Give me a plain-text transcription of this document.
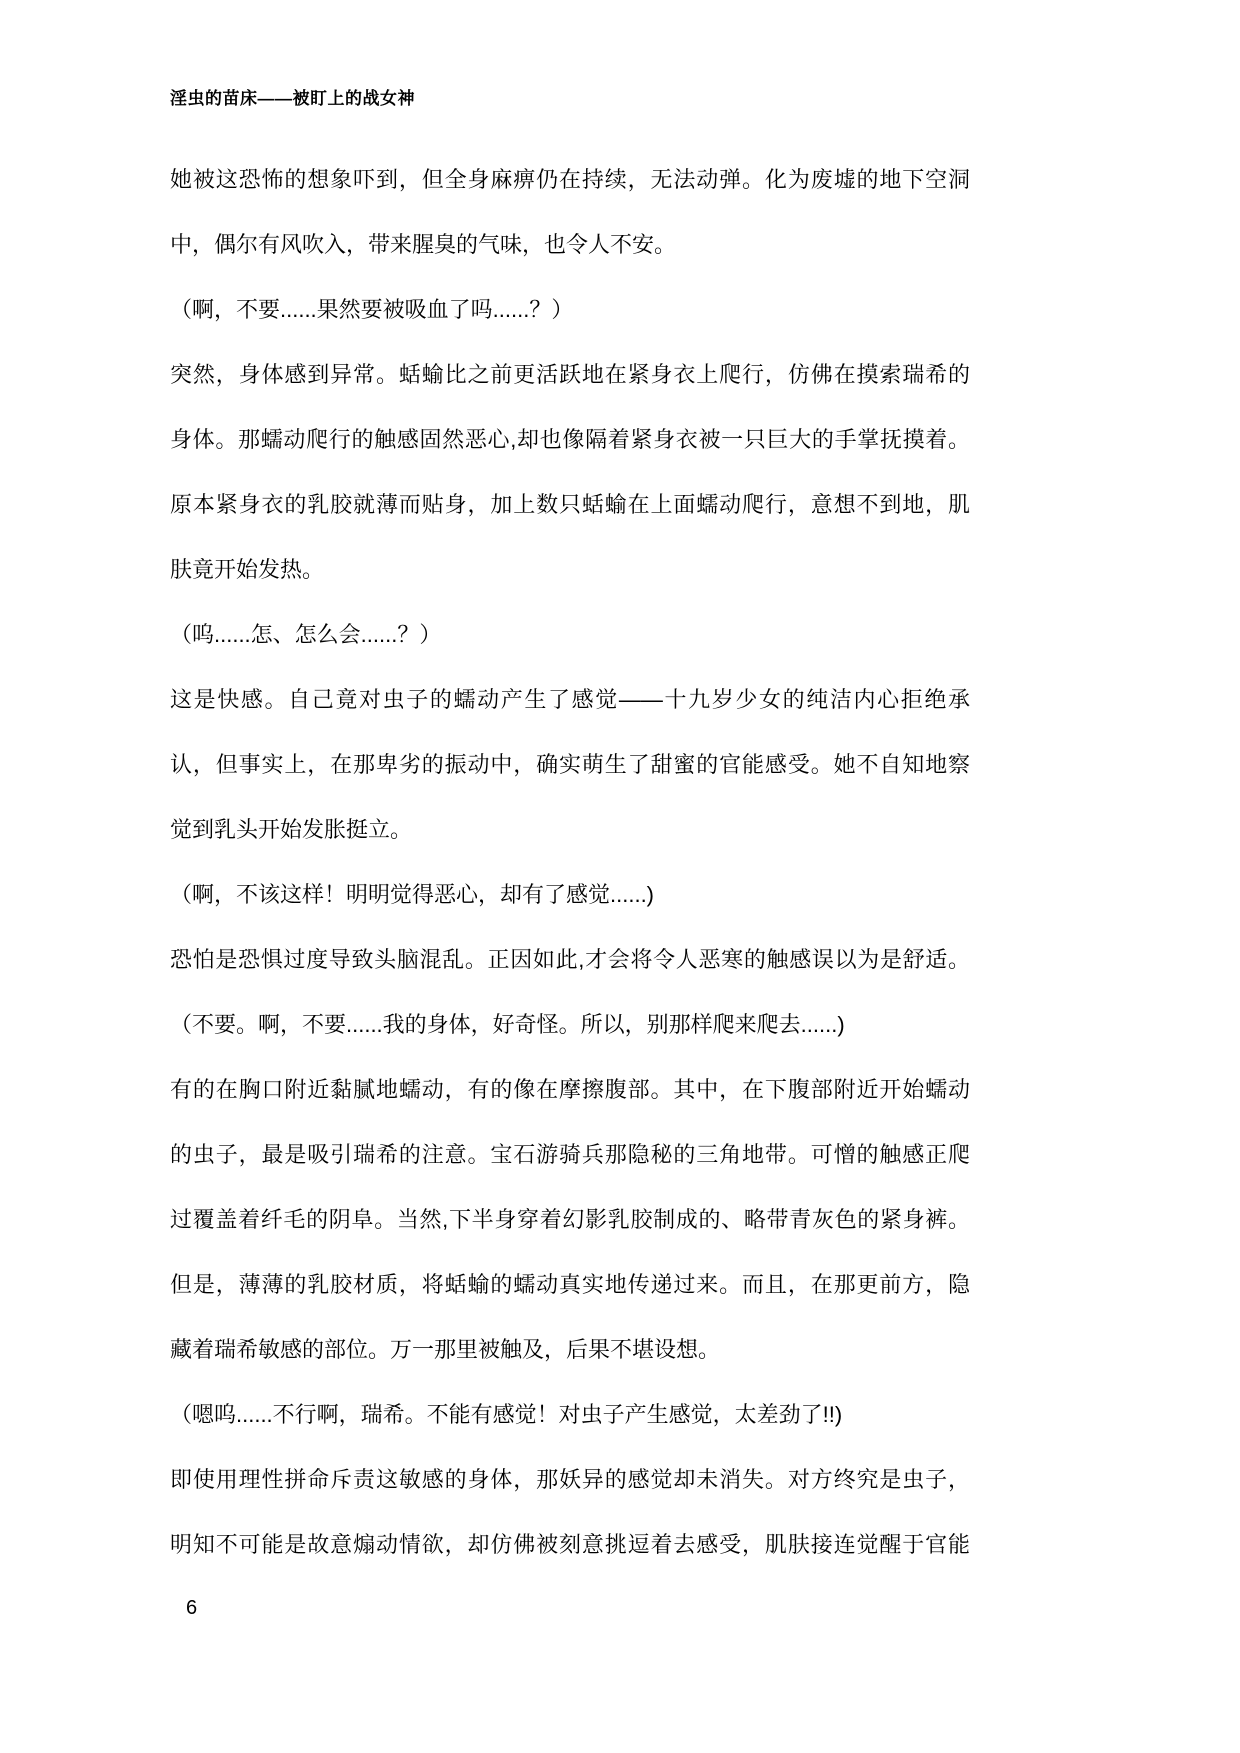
淫虫的苗床——被盯上的战女神
她被这恐怖的想象吓到，但全身麻痹仍在持续，无法动弹。化为废墟的地下空洞
中，偶尔有风吹入，带来腥臭的气味，也令人不安。
（啊，不要......果然要被吸血了吗......？）
突然，身体感到异常。蛞蝓比之前更活跃地在紧身衣上爬行，仿佛在摸索瑞希的
身体。那蠕动爬行的触感固然恶心,却也像隔着紧身衣被一只巨大的手掌抚摸着。
原本紧身衣的乳胶就薄而贴身，加上数只蛞蝓在上面蠕动爬行，意想不到地，肌
肤竟开始发热。
（呜......怎、怎么会......？）
这是快感。自己竟对虫子的蠕动产生了感觉——十九岁少女的纯洁内心拒绝承
认，但事实上，在那卑劣的振动中，确实萌生了甜蜜的官能感受。她不自知地察
觉到乳头开始发胀挺立。
（啊，不该这样！明明觉得恶心，却有了感觉......)
恐怕是恐惧过度导致头脑混乱。正因如此,才会将令人恶寒的触感误以为是舒适。
（不要。啊，不要......我的身体，好奇怪。所以，别那样爬来爬去......)
有的在胸口附近黏腻地蠕动，有的像在摩擦腹部。其中，在下腹部附近开始蠕动
的虫子，最是吸引瑞希的注意。宝石游骑兵那隐秘的三角地带。可憎的触感正爬
过覆盖着纤毛的阴阜。当然,下半身穿着幻影乳胶制成的、略带青灰色的紧身裤。
但是，薄薄的乳胶材质，将蛞蝓的蠕动真实地传递过来。而且，在那更前方，隐
藏着瑞希敏感的部位。万一那里被触及，后果不堪设想。
（嗯呜......不行啊，瑞希。不能有感觉！对虫子产生感觉，太差劲了!!)
即使用理性拼命斥责这敏感的身体，那妖异的感觉却未消失。对方终究是虫子，
明知不可能是故意煽动情欲，却仿佛被刻意挑逗着去感受，肌肤接连觉醒于官能
6
